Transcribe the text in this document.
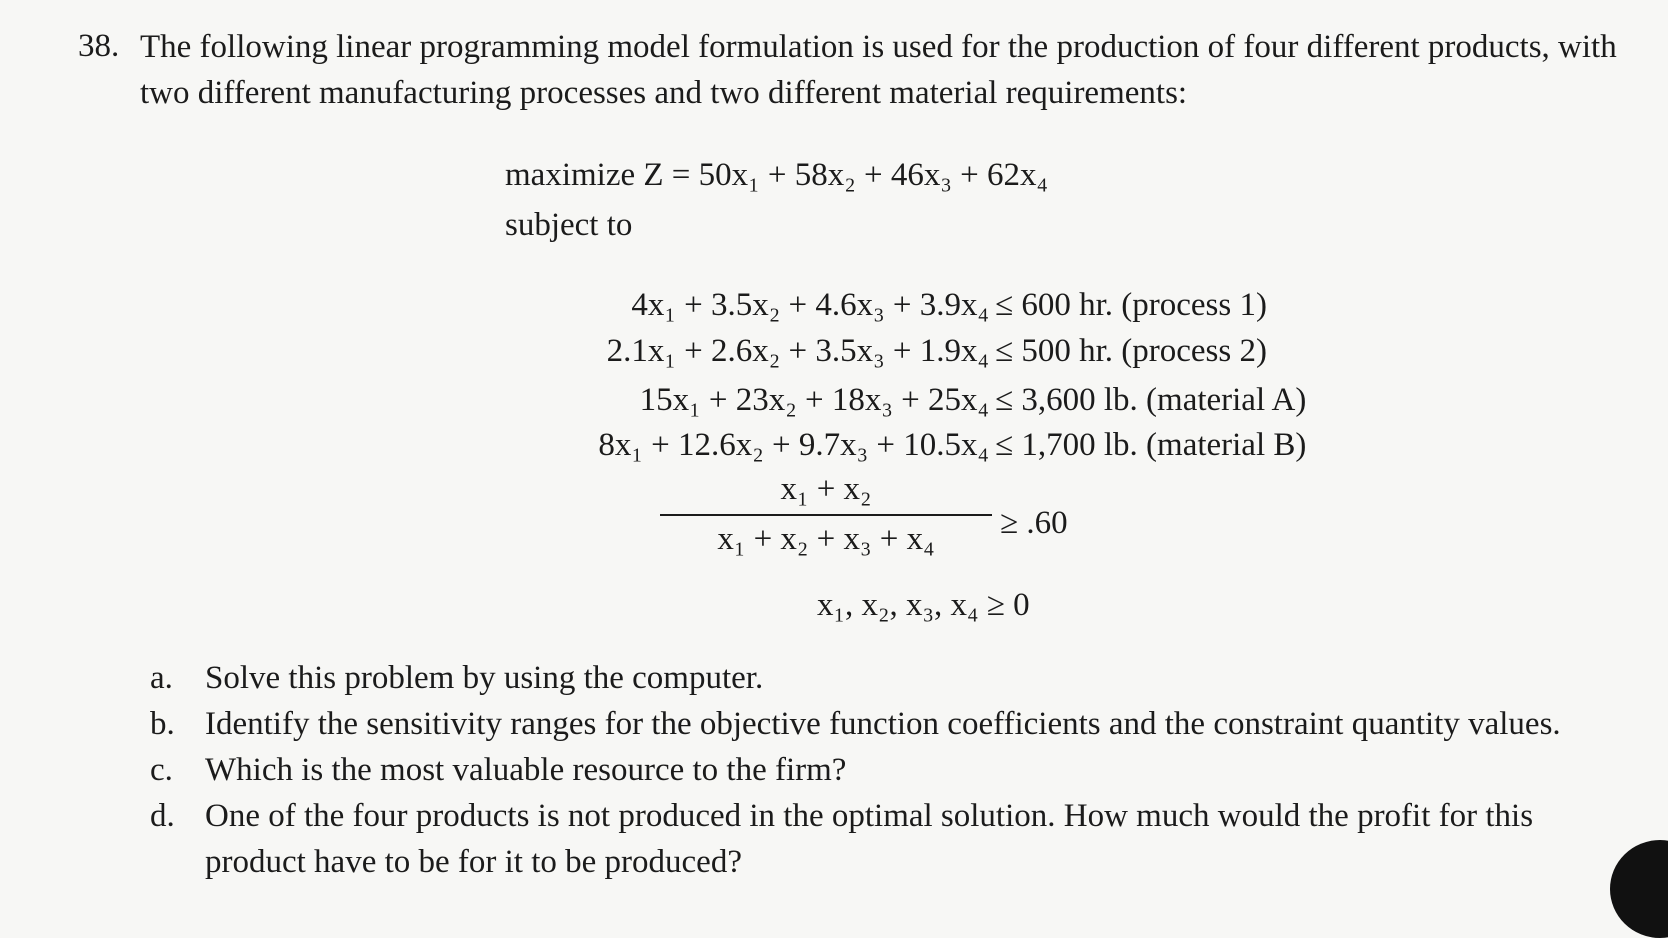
38. The following linear programming model formulation is used for the production of four different products, with two different manufacturing processes and two different material requirements:
maximize Z = 50x₁ + 58x₂ + 46x₃ + 62x₄
subject to
4x₁ + 3.5x₂ + 4.6x₃ + 3.9x₄ ≤ 600 hr. (process 1)
2.1x₁ + 2.6x₂ + 3.5x₃ + 1.9x₄ ≤ 500 hr. (process 2)
15x₁ + 23x₂ + 18x₃ + 25x₄ ≤ 3,600 lb. (material A)
8x₁ + 12.6x₂ + 9.7x₃ + 10.5x₄ ≤ 1,700 lb. (material B)
x₁ + x₂
x₁ + x₂ + x₃ + x₄	≥ .60
x₁, x₂, x₃, x₄ ≥ 0
a. Solve this problem by using the computer.
b. Identify the sensitivity ranges for the objective function coefficients and the constraint quantity values.
c. Which is the most valuable resource to the firm?
d. One of the four products is not produced in the optimal solution. How much would the profit for this product have to be for it to be produced?
